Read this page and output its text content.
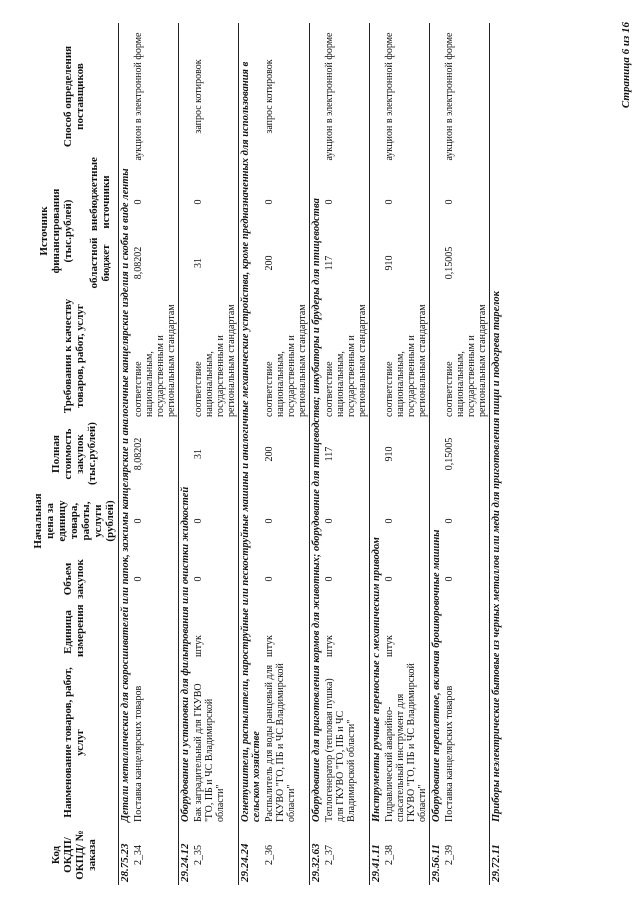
Код ОКДП/ ОКПД/ № заказа	Наименование товаров, работ, услуг	Единица измерения	Объем закупок	Начальная цена за единицу товара, работы, услуги (рублей)	Полная стоимость закупок (тыс.рублей)	Требования к качеству товаров, работ, услуг	Источник финансирования (тыс.рублей)		Способ определения поставщиков
							областной бюджет	внебюджетные источники	
28.75.23	Детали металлические для скоросшивателей или папок, зажимы канцелярские и аналогичные канцелярские изделия и скобы в виде ленты								
2_34	Поставка канцелярских товаров		0	0	8,08202	соответствие национальным, государственным и региональным стандартам	8,08202	0	аукцион в электронной форме
29.24.12	Оборудование и установки для фильтрования или очистки жидкостей								
2_35	Бак заградительный для ГКУВО "ГО, ПБ и ЧС Владимирской области"	штук	0	0	31	соответствие национальным, государственным и региональным стандартам	31	0	запрос котировок
29.24.24	Огнетушители, распылители, пароструйные или пескоструйные машины и аналогичные механические устройства, кроме предназначенных для использования в сельском хозяйстве								
2_36	Распылитель для воды ранцевый для ГКУВО "ГО, ПБ и ЧС Владимирской области"	штук	0	0	200	соответствие национальным, государственным и региональным стандартам	200	0	запрос котировок
29.32.63	Оборудование для приготовления кормов для животных; оборудование для птицеводства; инкубаторы и брудеры для птицеводства								
2_37	Теплогенератор (тепловая пушка) для ГКУВО "ГО, ПБ и ЧС Владимирской области"	штук	0	0	117	соответствие национальным, государственным и региональным стандартам	117	0	аукцион в электронной форме
29.41.11	Инструменты ручные переносные с механическим приводом								
2_38	Гидравлический аварийно-спасательный инструмент для ГКУВО "ГО, ПБ и ЧС Владимирской области"	штук	0	0	910	соответствие национальным, государственным и региональным стандартам	910	0	аукцион в электронной форме
29.56.11	Оборудование переплетное, включая брошюровочные машины								
2_39	Поставка канцелярских товаров		0	0	0,15005	соответствие национальным, государственным и региональным стандартам	0,15005	0	аукцион в электронной форме
29.72.11	Приборы неэлектрические бытовые из черных металлов или меди для приготовления пищи и подогрева тарелок								
Страница 6 из 16
